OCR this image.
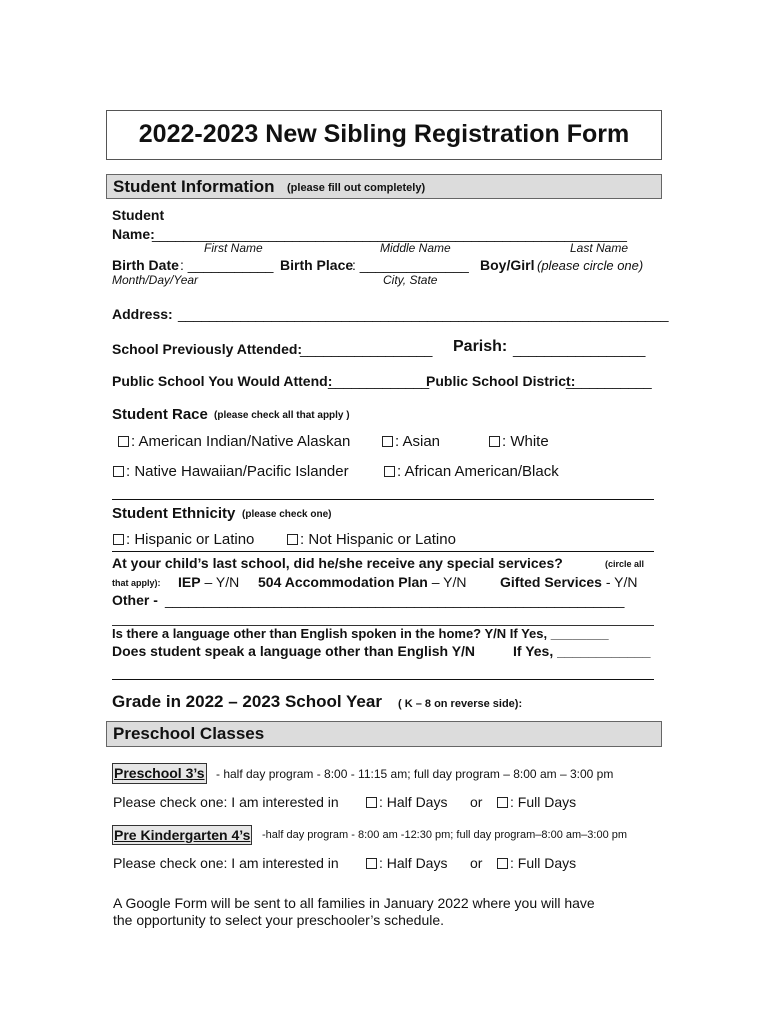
2022-2023 New Sibling Registration Form
Student Information (please fill out completely)
Student
Name:
_____________________________________________________________
First Name	Middle Name	Last Name
Birth Date : ___________ Birth Place
: ______________ Boy/Girl (please circle one)
Month/Day/Year	City, State
Address: _______________________________________________________________
School Previously Attended:
_________________ Parish: _________________
Public School You Would Attend:
_____________
Public School District:
___________
Student Race (please check all that apply )
: American Indian/Native Alaskan	: Asian	: White
: Native Hawaiian/Pacific Islander	: African American/Black
Student Ethnicity (please check one)
: Hispanic or Latino	: Not Hispanic or Latino
At your child’s last school, did he/she receive any special services?	(circle all
that apply): IEP – Y/N 504 Accommodation Plan – Y/N Gifted Services - Y/N
Other - ___________________________________________________________
Is there a language other than English spoken in the home? Y/N If Yes, ________
Does student speak a language other than English Y/N	If Yes, ____________
Grade in 2022 – 2023 School Year ( K – 8 on reverse side):
Preschool Classes
Preschool 3’s - half day program - 8:00 - 11:15 am; full day program – 8:00 am – 3:00 pm
Please check one: I am interested in	: Half Days or	: Full Days
Pre Kindergarten 4’s -half day program - 8:00 am -12:30 pm; full day program–8:00 am–3:00 pm
Please check one: I am interested in	: Half Days or	: Full Days
A Google Form will be sent to all families in January 2022 where you will have
the opportunity to select your preschooler’s schedule.
